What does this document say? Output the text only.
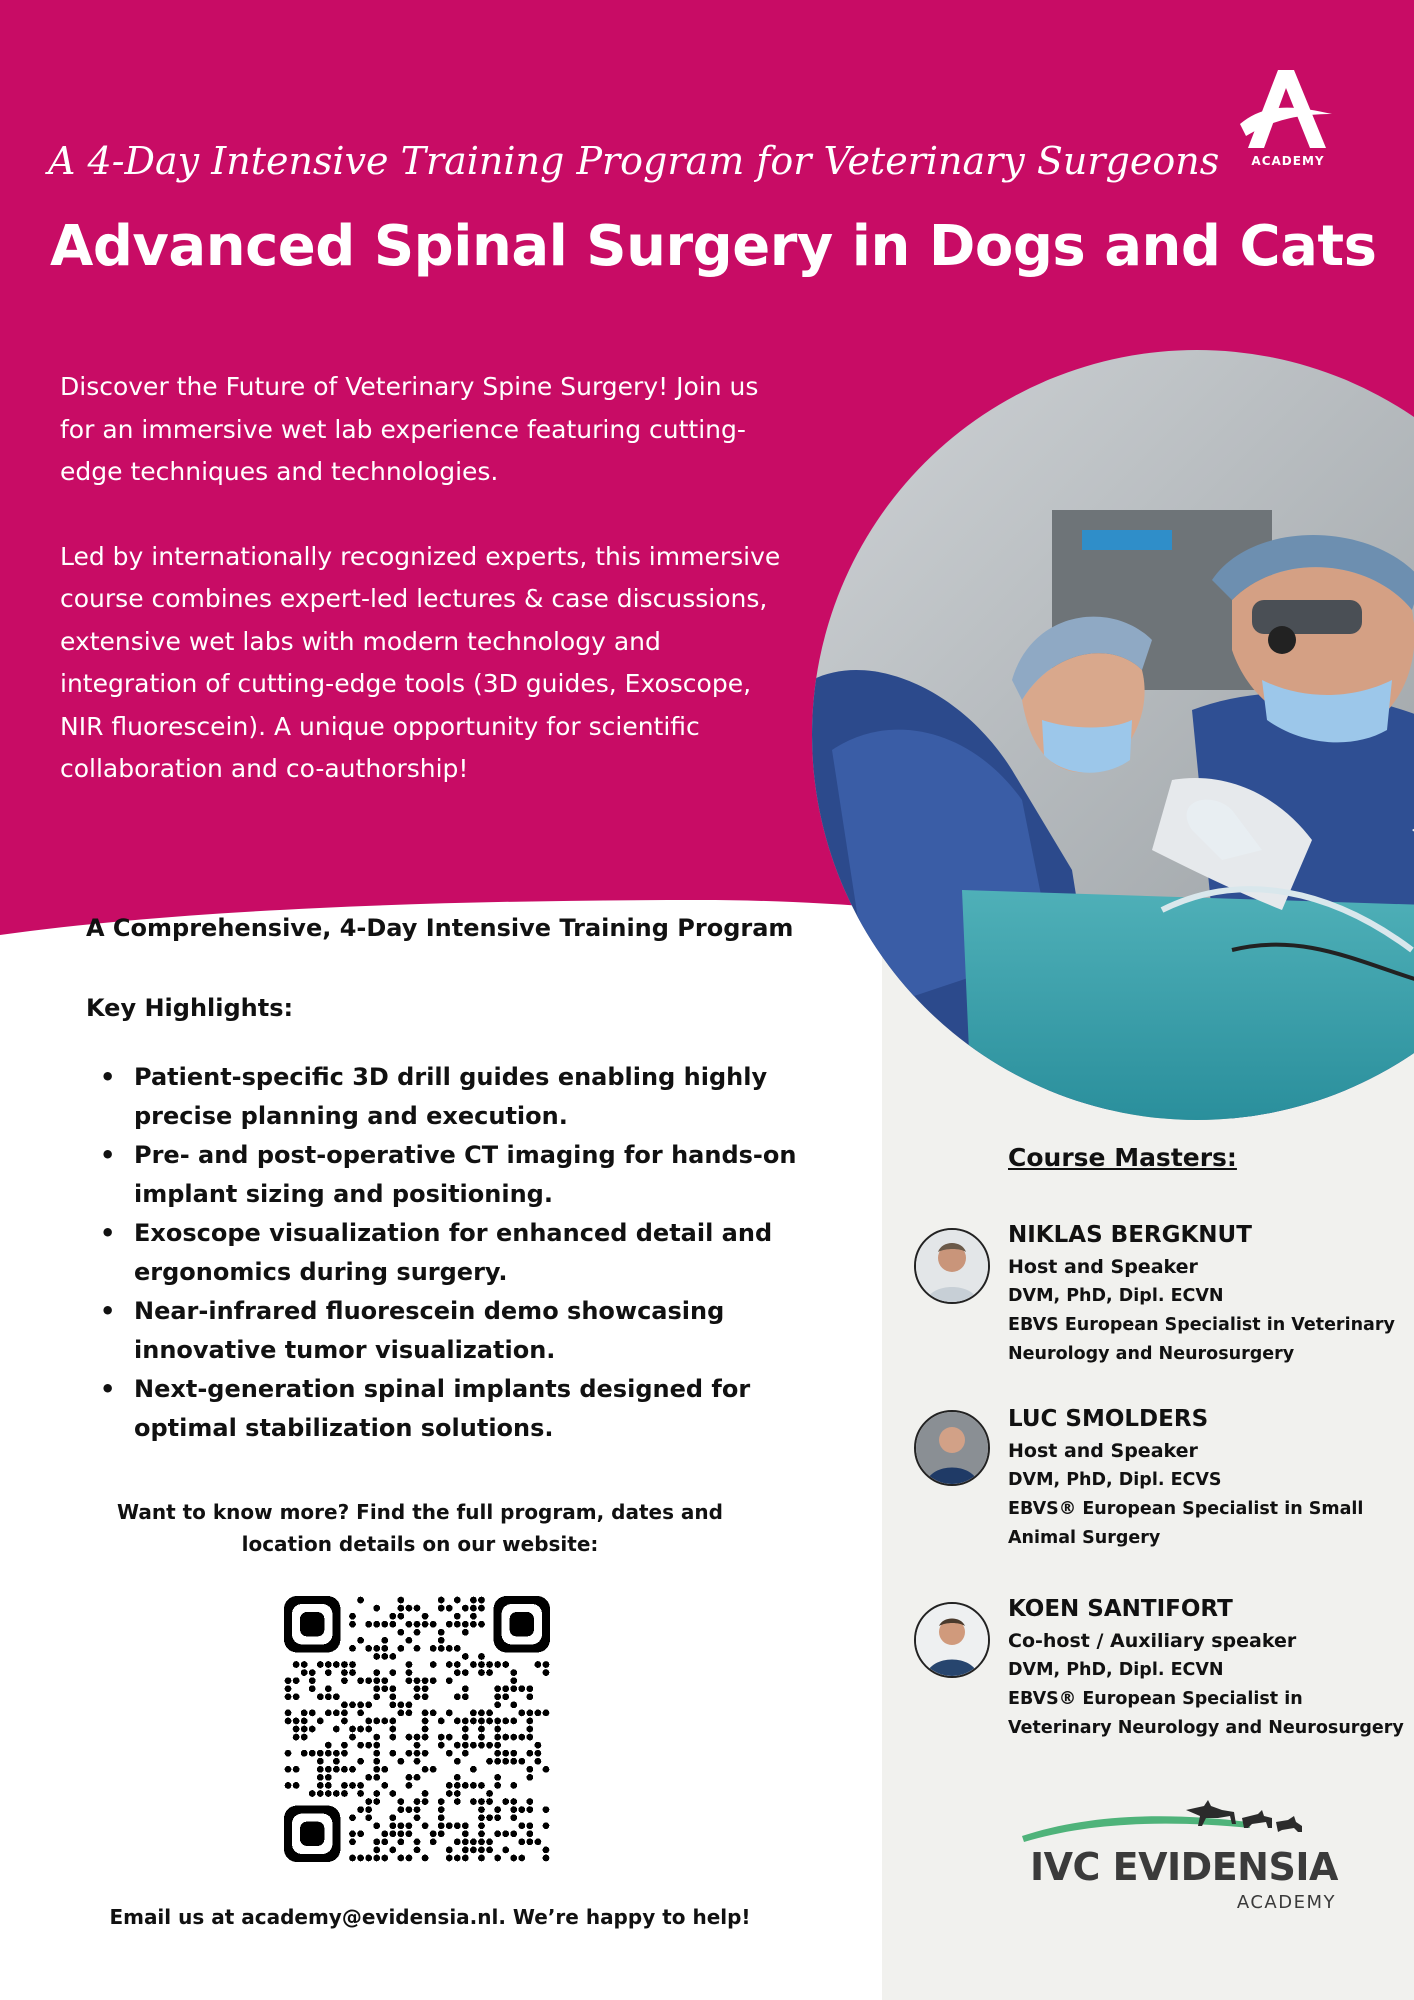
ACADEMY
A 4-Day Intensive Training Program for Veterinary Surgeons
Advanced Spinal Surgery in Dogs and Cats

Discover the Future of Veterinary Spine Surgery! Join us for an immersive wet lab experience featuring cutting-edge techniques and technologies.

Led by internationally recognized experts, this immersive course combines expert-led lectures & case discussions, extensive wet labs with modern technology and integration of cutting-edge tools (3D guides, Exoscope, NIR fluorescein). A unique opportunity for scientific collaboration and co-authorship!

A Comprehensive, 4-Day Intensive Training Program
Key Highlights:
• Patient-specific 3D drill guides enabling highly precise planning and execution.
• Pre- and post-operative CT imaging for hands-on implant sizing and positioning.
• Exoscope visualization for enhanced detail and ergonomics during surgery.
• Near-infrared fluorescein demo showcasing innovative tumor visualization.
• Next-generation spinal implants designed for optimal stabilization solutions.
Want to know more? Find the full program, dates and location details on our website:
Email us at academy@evidensia.nl. We’re happy to help!
Course Masters:
NIKLAS BERGKNUT
Host and Speaker
DVM, PhD, Dipl. ECVN
EBVS European Specialist in Veterinary Neurology and Neurosurgery
LUC SMOLDERS
Host and Speaker
DVM, PhD, Dipl. ECVS
EBVS® European Specialist in Small Animal Surgery
KOEN SANTIFORT
Co-host / Auxiliary speaker
DVM, PhD, Dipl. ECVN
EBVS® European Specialist in Veterinary Neurology and Neurosurgery
IVC EVIDENSIA
ACADEMY
